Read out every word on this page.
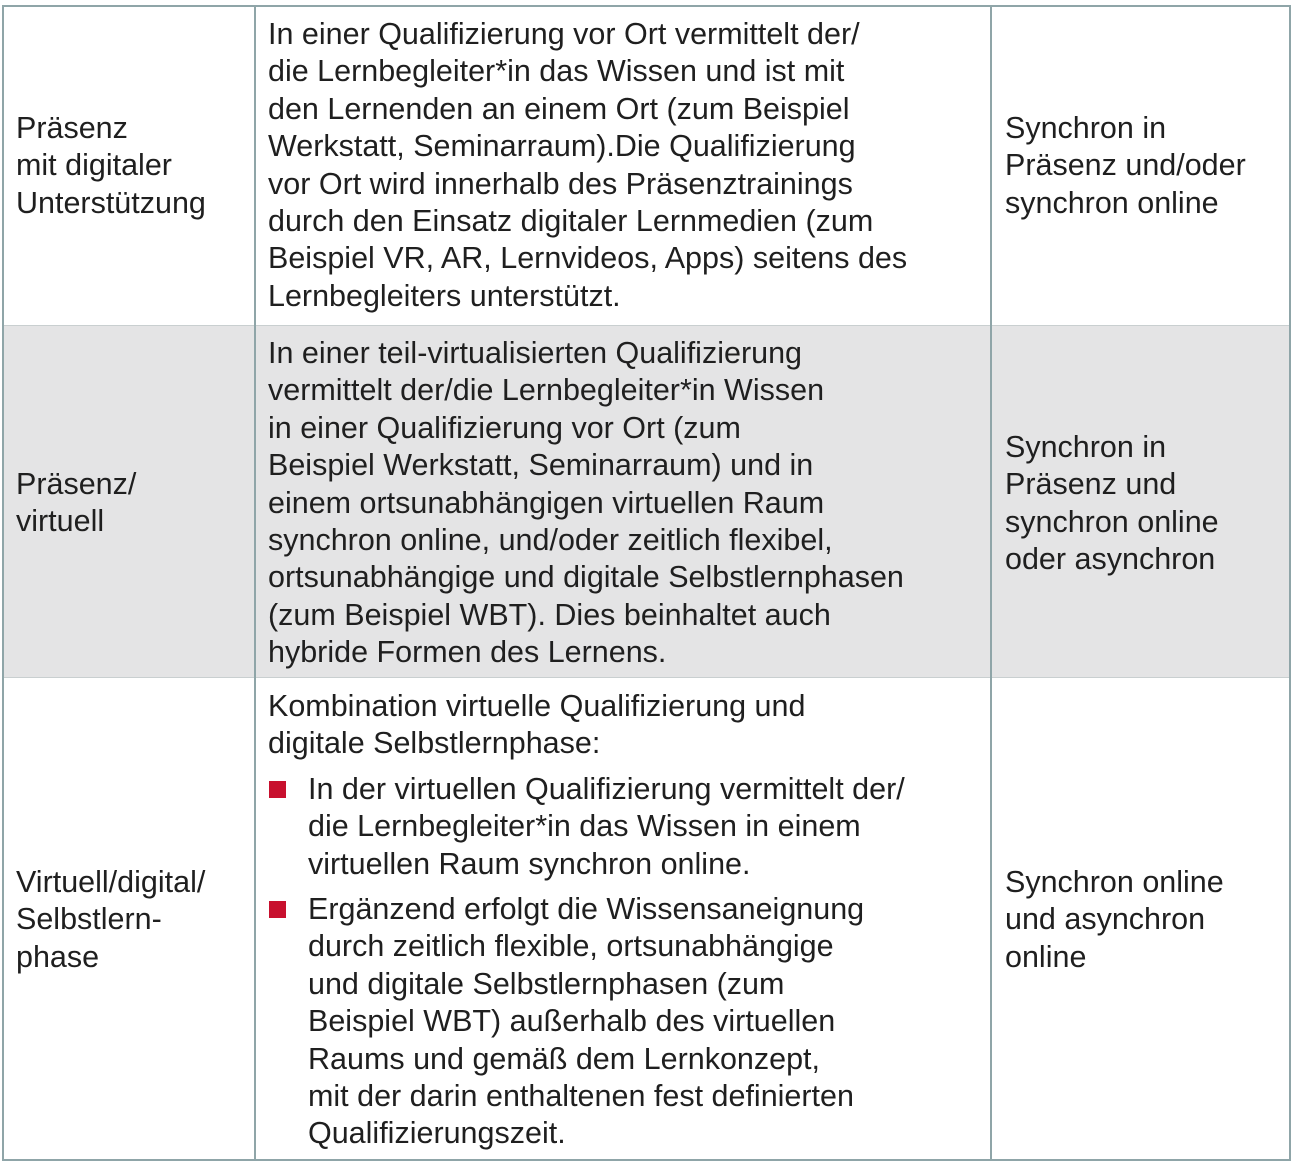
Präsenz
mit digitaler
Unterstützung
In einer Qualifizierung vor Ort vermittelt der/
die Lernbegleiter*in das Wissen und ist mit
den Lernenden an einem Ort (zum Beispiel
Werkstatt, Seminarraum).Die Qualifizierung
vor Ort wird innerhalb des Präsenztrainings
durch den Einsatz digitaler Lernmedien (zum
Beispiel VR, AR, Lernvideos, Apps) seitens des
Lernbegleiters unterstützt.
Synchron in
Präsenz und/oder
synchron online
Präsenz/
virtuell
In einer teil-virtualisierten Qualifizierung
vermittelt der/die Lernbegleiter*in Wissen
in einer Qualifizierung vor Ort (zum
Beispiel Werkstatt, Seminarraum) und in
einem ortsunabhängigen virtuellen Raum
synchron online, und/oder zeitlich flexibel,
ortsunabhängige und digitale Selbstlernphasen
(zum Beispiel WBT). Dies beinhaltet auch
hybride Formen des Lernens.
Synchron in
Präsenz und
synchron online
oder asynchron
Virtuell/digital/
Selbstlern-
phase
Kombination virtuelle Qualifizierung und
digitale Selbstlernphase:
In der virtuellen Qualifizierung vermittelt der/
die Lernbegleiter*in das Wissen in einem
virtuellen Raum synchron online.
Ergänzend erfolgt die Wissensaneignung
durch zeitlich flexible, ortsunabhängige
und digitale Selbstlernphasen (zum
Beispiel WBT) außerhalb des virtuellen
Raums und gemäß dem Lernkonzept,
mit der darin enthaltenen fest definierten
Qualifizierungszeit.
Synchron online
und asynchron
online
